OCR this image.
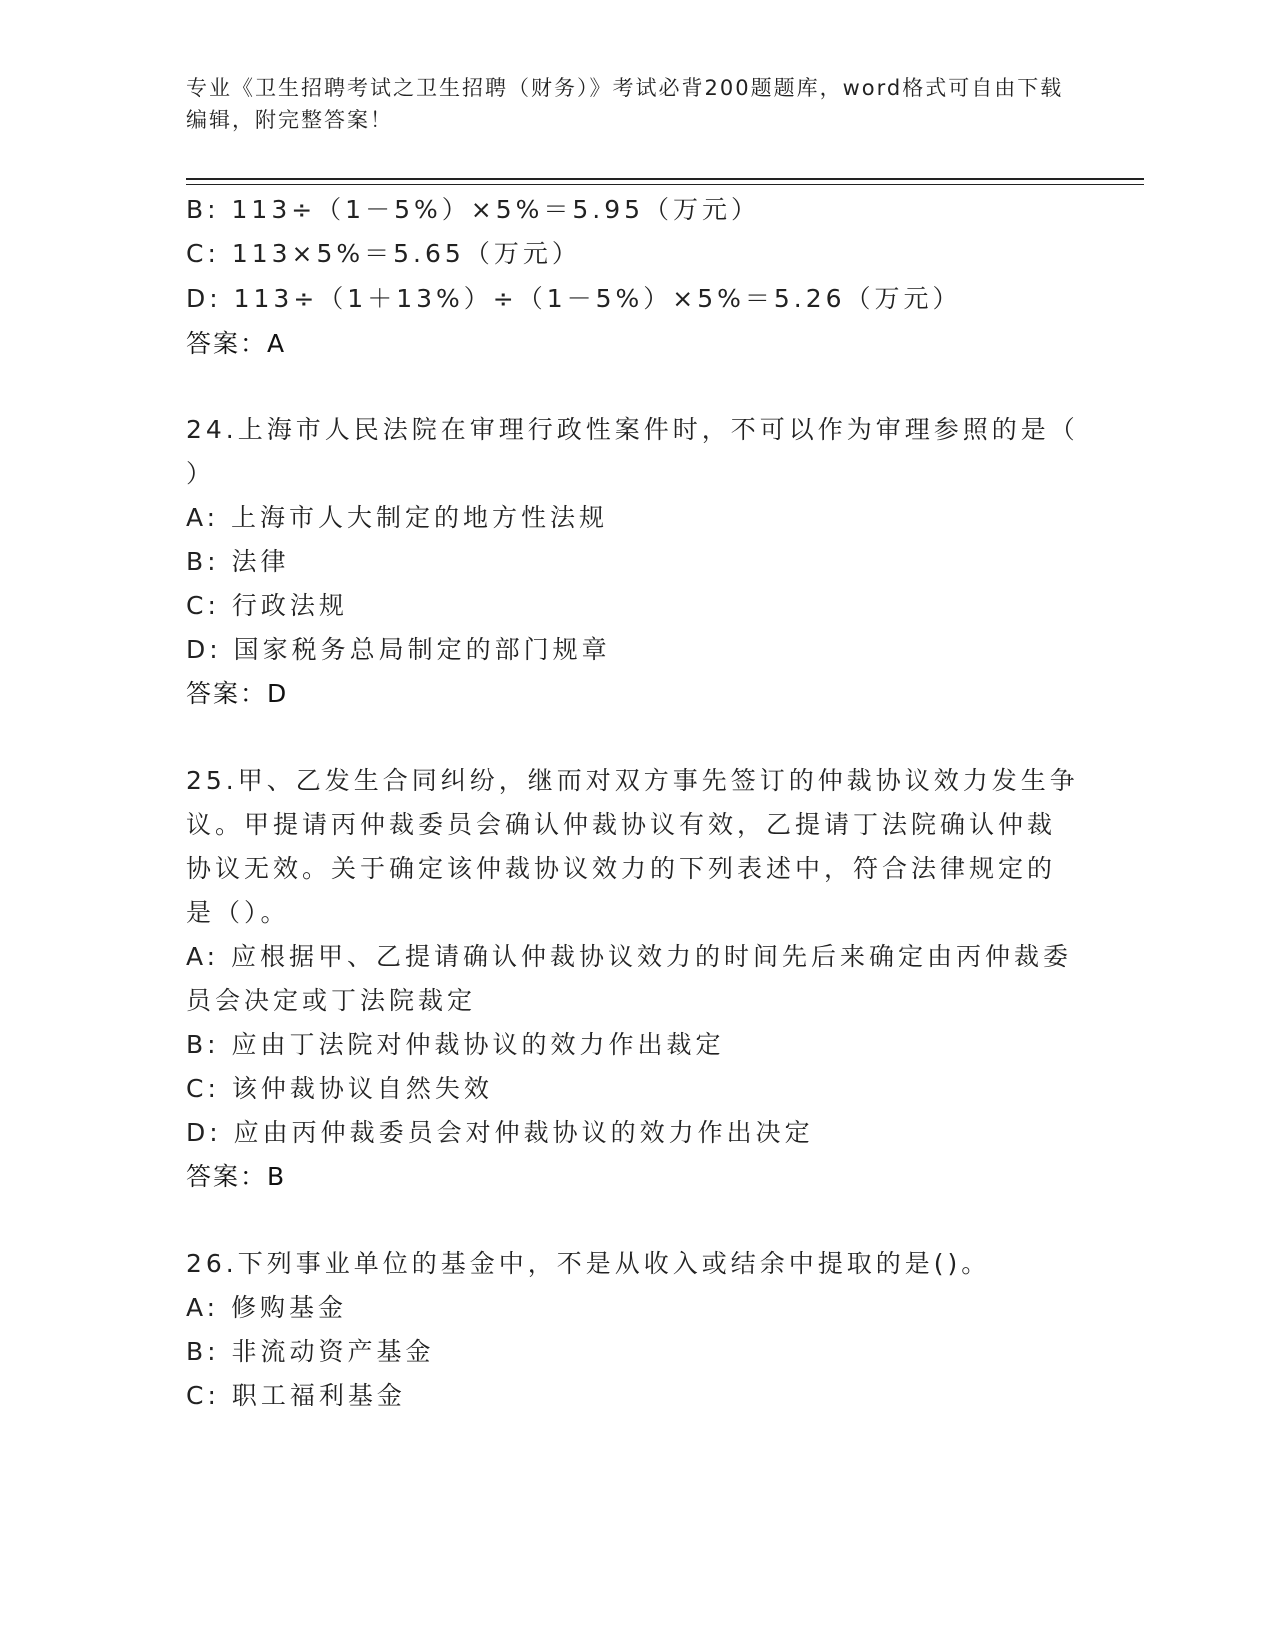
专业《卫生招聘考试之卫生招聘（财务）》考试必背200题题库，word格式可自由下载编辑，附完整答案！
B: 113÷（1－5%）×5%＝5.95（万元）
C: 113×5%＝5.65（万元）
D: 113÷（1＋13%）÷（1－5%）×5%＝5.26（万元）
答案：A
24.上海市人民法院在审理行政性案件时，不可以作为审理参照的是（
）
A: 上海市人大制定的地方性法规
B: 法律
C: 行政法规
D: 国家税务总局制定的部门规章
答案：D
25.甲、乙发生合同纠纷，继而对双方事先签订的仲裁协议效力发生争
议。甲提请丙仲裁委员会确认仲裁协议有效，乙提请丁法院确认仲裁
协议无效。关于确定该仲裁协议效力的下列表述中，符合法律规定的
是（）。
A: 应根据甲、乙提请确认仲裁协议效力的时间先后来确定由丙仲裁委
员会决定或丁法院裁定
B: 应由丁法院对仲裁协议的效力作出裁定
C: 该仲裁协议自然失效
D: 应由丙仲裁委员会对仲裁协议的效力作出决定
答案：B
26.下列事业单位的基金中，不是从收入或结余中提取的是()。
A: 修购基金
B: 非流动资产基金
C: 职工福利基金
